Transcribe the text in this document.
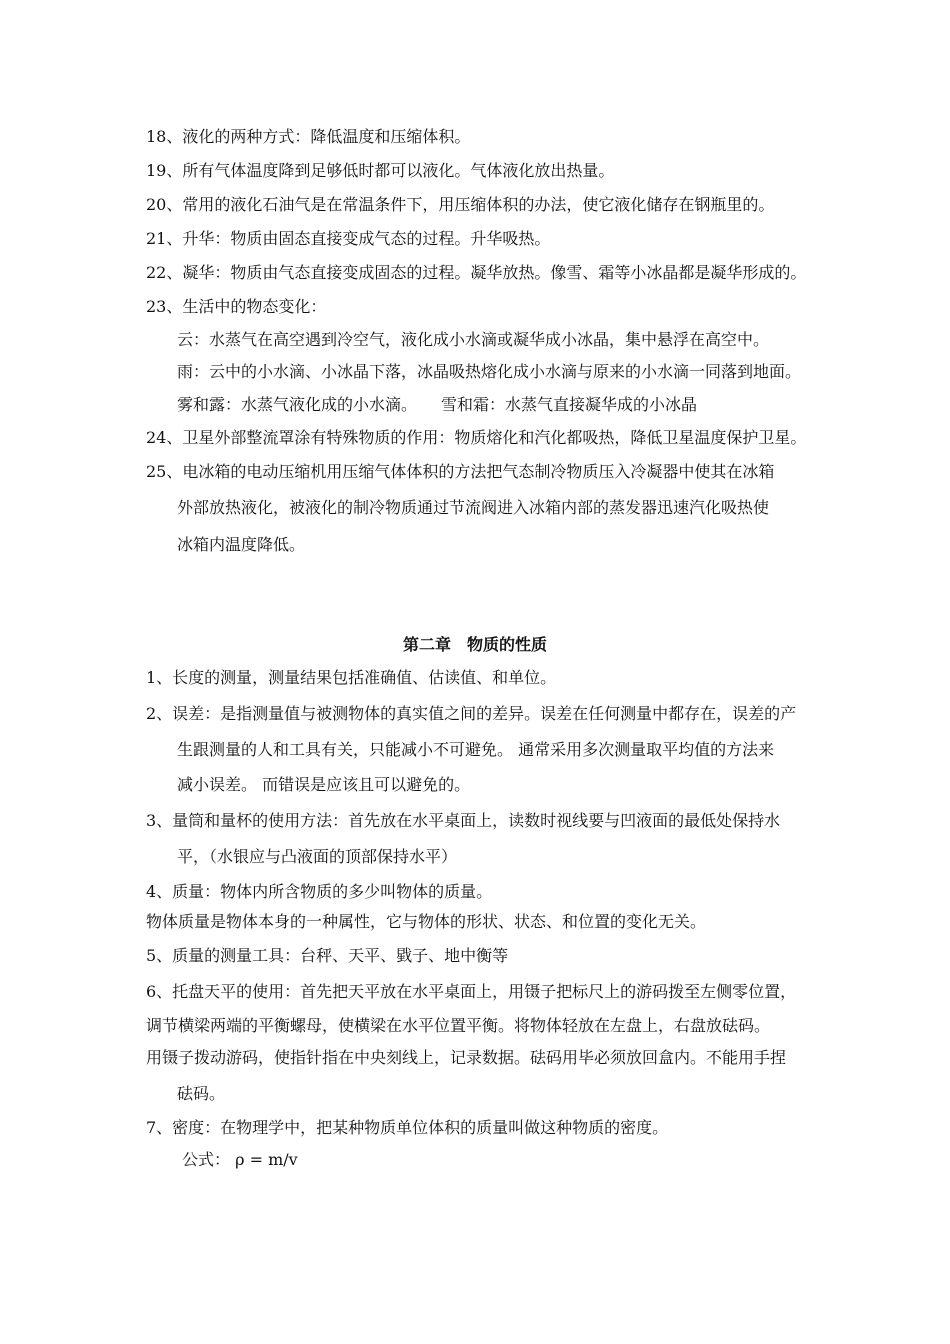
18、液化的两种方式：降低温度和压缩体积。
19、所有气体温度降到足够低时都可以液化。气体液化放出热量。
20、常用的液化石油气是在常温条件下，用压缩体积的办法，使它液化储存在钢瓶里的。
21、升华：物质由固态直接变成气态的过程。升华吸热。
22、凝华：物质由气态直接变成固态的过程。凝华放热。像雪、霜等小冰晶都是凝华形成的。
23、生活中的物态变化：
云：水蒸气在高空遇到冷空气，液化成小水滴或凝华成小冰晶，集中悬浮在高空中。
雨：云中的小水滴、小冰晶下落，冰晶吸热熔化成小水滴与原来的小水滴一同落到地面。
雾和露：水蒸气液化成的小水滴。　　雪和霜：水蒸气直接凝华成的小冰晶
24、卫星外部整流罩涂有特殊物质的作用：物质熔化和汽化都吸热，降低卫星温度保护卫星。
25、电冰箱的电动压缩机用压缩气体体积的方法把气态制冷物质压入冷凝器中使其在冰箱
外部放热液化，被液化的制冷物质通过节流阀进入冰箱内部的蒸发器迅速汽化吸热使
冰箱内温度降低。
第二章　物质的性质
1、长度的测量，测量结果包括准确值、估读值、和单位。
2、误差：是指测量值与被测物体的真实值之间的差异。误差在任何测量中都存在，误差的产
生跟测量的人和工具有关，只能减小不可避免。 通常采用多次测量取平均值的方法来
减小误差。 而错误是应该且可以避免的。
3、量筒和量杯的使用方法：首先放在水平桌面上，读数时视线要与凹液面的最低处保持水
平，（水银应与凸液面的顶部保持水平）
4、质量：物体内所含物质的多少叫物体的质量。
物体质量是物体本身的一种属性，它与物体的形状、状态、和位置的变化无关。
5、质量的测量工具：台秤、天平、戥子、地中衡等
6、托盘天平的使用：首先把天平放在水平桌面上，用镊子把标尺上的游码拨至左侧零位置，
调节横梁两端的平衡螺母，使横梁在水平位置平衡。将物体轻放在左盘上，右盘放砝码。
用镊子拨动游码，使指针指在中央刻线上，记录数据。砝码用毕必须放回盒内。不能用手捏
砝码。
7、密度：在物理学中，把某种物质单位体积的质量叫做这种物质的密度。
公式： ρ = m/v
